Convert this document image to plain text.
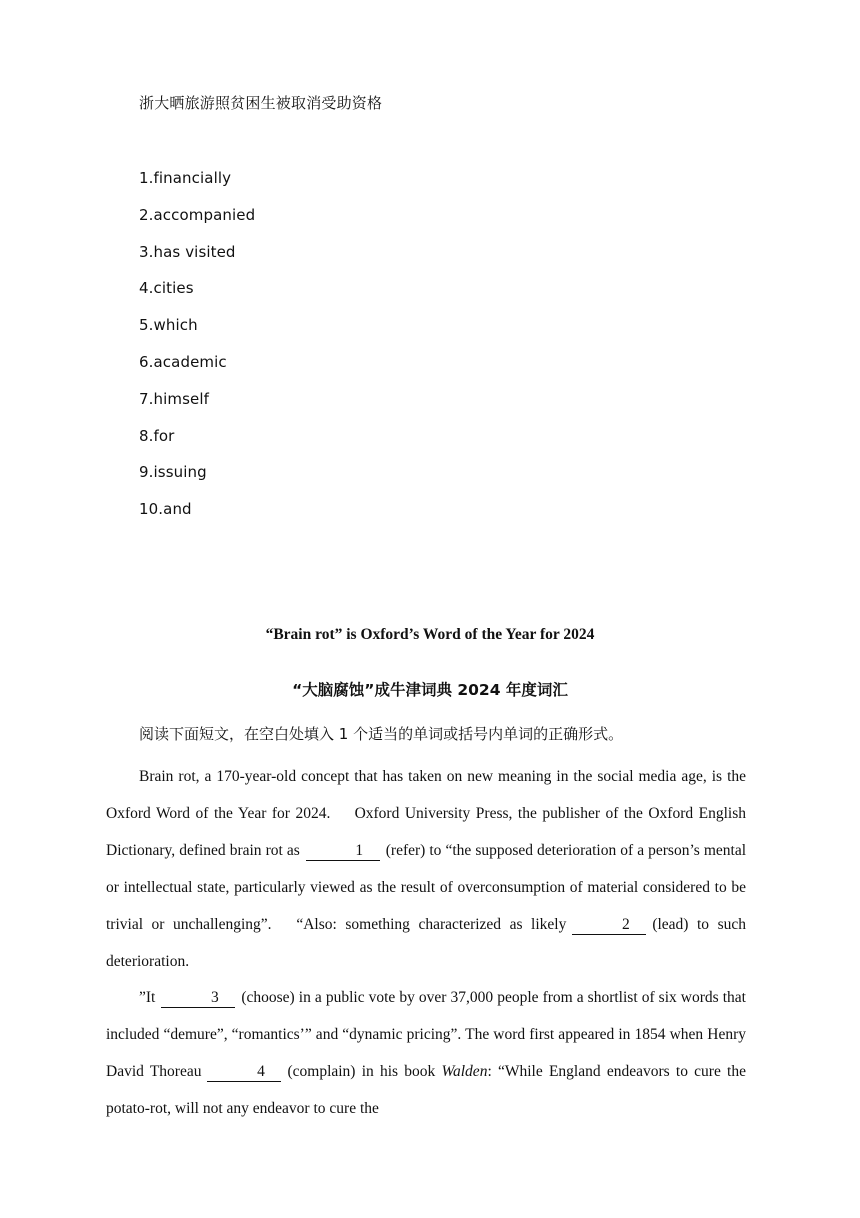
浙大晒旅游照贫困生被取消受助资格
1.financially
2.accompanied
3.has visited
4.cities
5.which
6.academic
7.himself
8.for
9.issuing
10.and
“Brain rot” is Oxford’s Word of the Year for 2024
“大脑腐蚀”成牛津词典 2024 年度词汇
阅读下面短文，在空白处填入 1 个适当的单词或括号内单词的正确形式。

Brain rot, a 170-year-old concept that has taken on new meaning in the social media age, is the Oxford Word of the Year for 2024.　 Oxford University Press, the publisher of the Oxford English Dictionary, defined brain rot as	1 (refer) to “the supposed deterioration of a person’s mental or intellectual state, particularly viewed as the result of overconsumption of material considered to be trivial or unchallenging”.　“Also: something characterized as likely	2 (lead) to such deterioration.

”It	3 (choose) in a public vote by over 37,000 people from a shortlist of six words that included “demure”, “romantics’” and “dynamic pricing”. The word first appeared in 1854 when Henry David Thoreau	4 (complain) in his book Walden: “While England endeavors to cure the potato-rot, will not any endeavor to cure the
